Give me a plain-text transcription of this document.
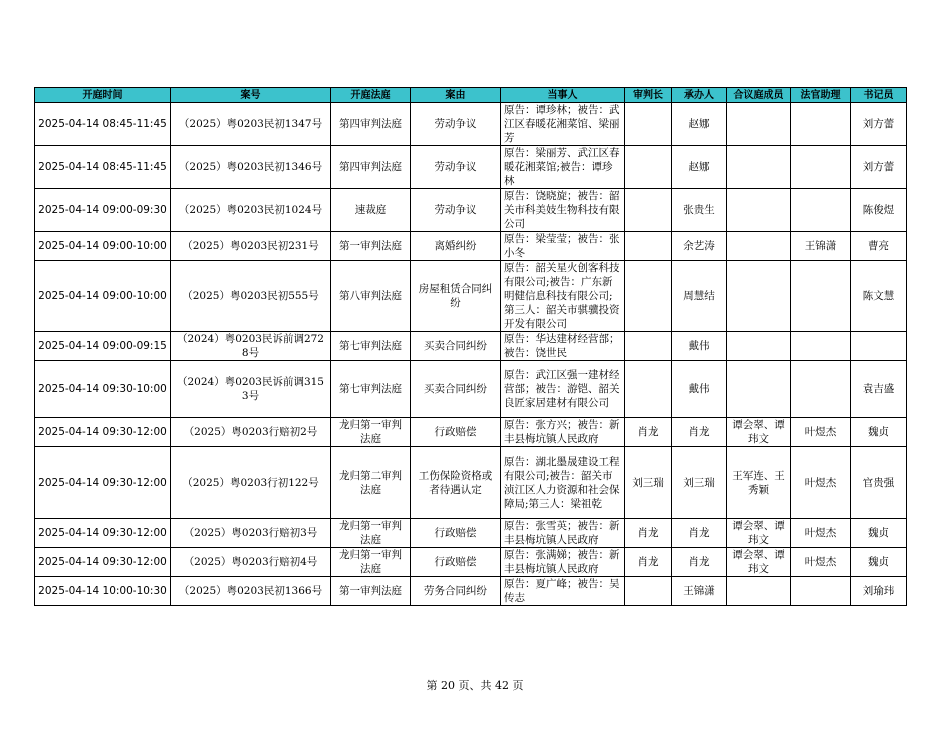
开庭时间	案号	开庭法庭	案由	当事人	审判长	承办人	合议庭成员	法官助理	书记员
2025-04-14 08:45-11:45	（2025）粤0203民初1347号	第四审判法庭	劳动争议	原告：谭珍林；被告：武江区春暖花湘菜馆、梁丽芳		赵娜			刘方蕾
2025-04-14 08:45-11:45	（2025）粤0203民初1346号	第四审判法庭	劳动争议	原告：梁丽芳、武江区春暖花湘菜馆;被告：谭珍林		赵娜			刘方蕾
2025-04-14 09:00-09:30	（2025）粤0203民初1024号	速裁庭	劳动争议	原告：饶晓旋；被告：韶关市科美妓生物科技有限公司		张贵生			陈俊煜
2025-04-14 09:00-10:00	（2025）粤0203民初231号	第一审判法庭	离婚纠纷	原告：梁莹莹；被告：张小冬		余艺涛		王锦潇	曹亮
2025-04-14 09:00-10:00	（2025）粤0203民初555号	第八审判法庭	房屋租赁合同纠纷	原告：韶关星火创客科技有限公司;被告：广东新明健信息科技有限公司;第三人：韶关市骐骥投资开发有限公司		周慧结			陈文慧
2025-04-14 09:00-09:15	（2024）粤0203民诉前调2728号	第七审判法庭	买卖合同纠纷	原告：华达建材经营部；被告：饶世民		戴伟			
2025-04-14 09:30-10:00	（2024）粤0203民诉前调3153号	第七审判法庭	买卖合同纠纷	原告：武江区强一建材经营部；被告：游铠、韶关良匠家居建材有限公司		戴伟			袁吉盛
2025-04-14 09:30-12:00	（2025）粤0203行赔初2号	龙归第一审判法庭	行政赔偿	原告：张方兴；被告：新丰县梅坑镇人民政府	肖龙	肖龙	谭会翠、谭玮文	叶煜杰	魏贞
2025-04-14 09:30-12:00	（2025）粤0203行初122号	龙归第二审判法庭	工伤保险资格或者待遇认定	原告：湖北墨晟建设工程有限公司;被告：韶关市浈江区人力资源和社会保障局;第三人：梁祖乾	刘三瑞	刘三瑞	王军连、王秀颖	叶煜杰	官贵强
2025-04-14 09:30-12:00	（2025）粤0203行赔初3号	龙归第一审判法庭	行政赔偿	原告：张雪英；被告：新丰县梅坑镇人民政府	肖龙	肖龙	谭会翠、谭玮文	叶煜杰	魏贞
2025-04-14 09:30-12:00	（2025）粤0203行赔初4号	龙归第一审判法庭	行政赔偿	原告：张满娣；被告：新丰县梅坑镇人民政府	肖龙	肖龙	谭会翠、谭玮文	叶煜杰	魏贞
2025-04-14 10:00-10:30	（2025）粤0203民初1366号	第一审判法庭	劳务合同纠纷	原告：夏广峰；被告：吴传志		王锦潇			刘瑜玮
第 20 页、共 42 页
